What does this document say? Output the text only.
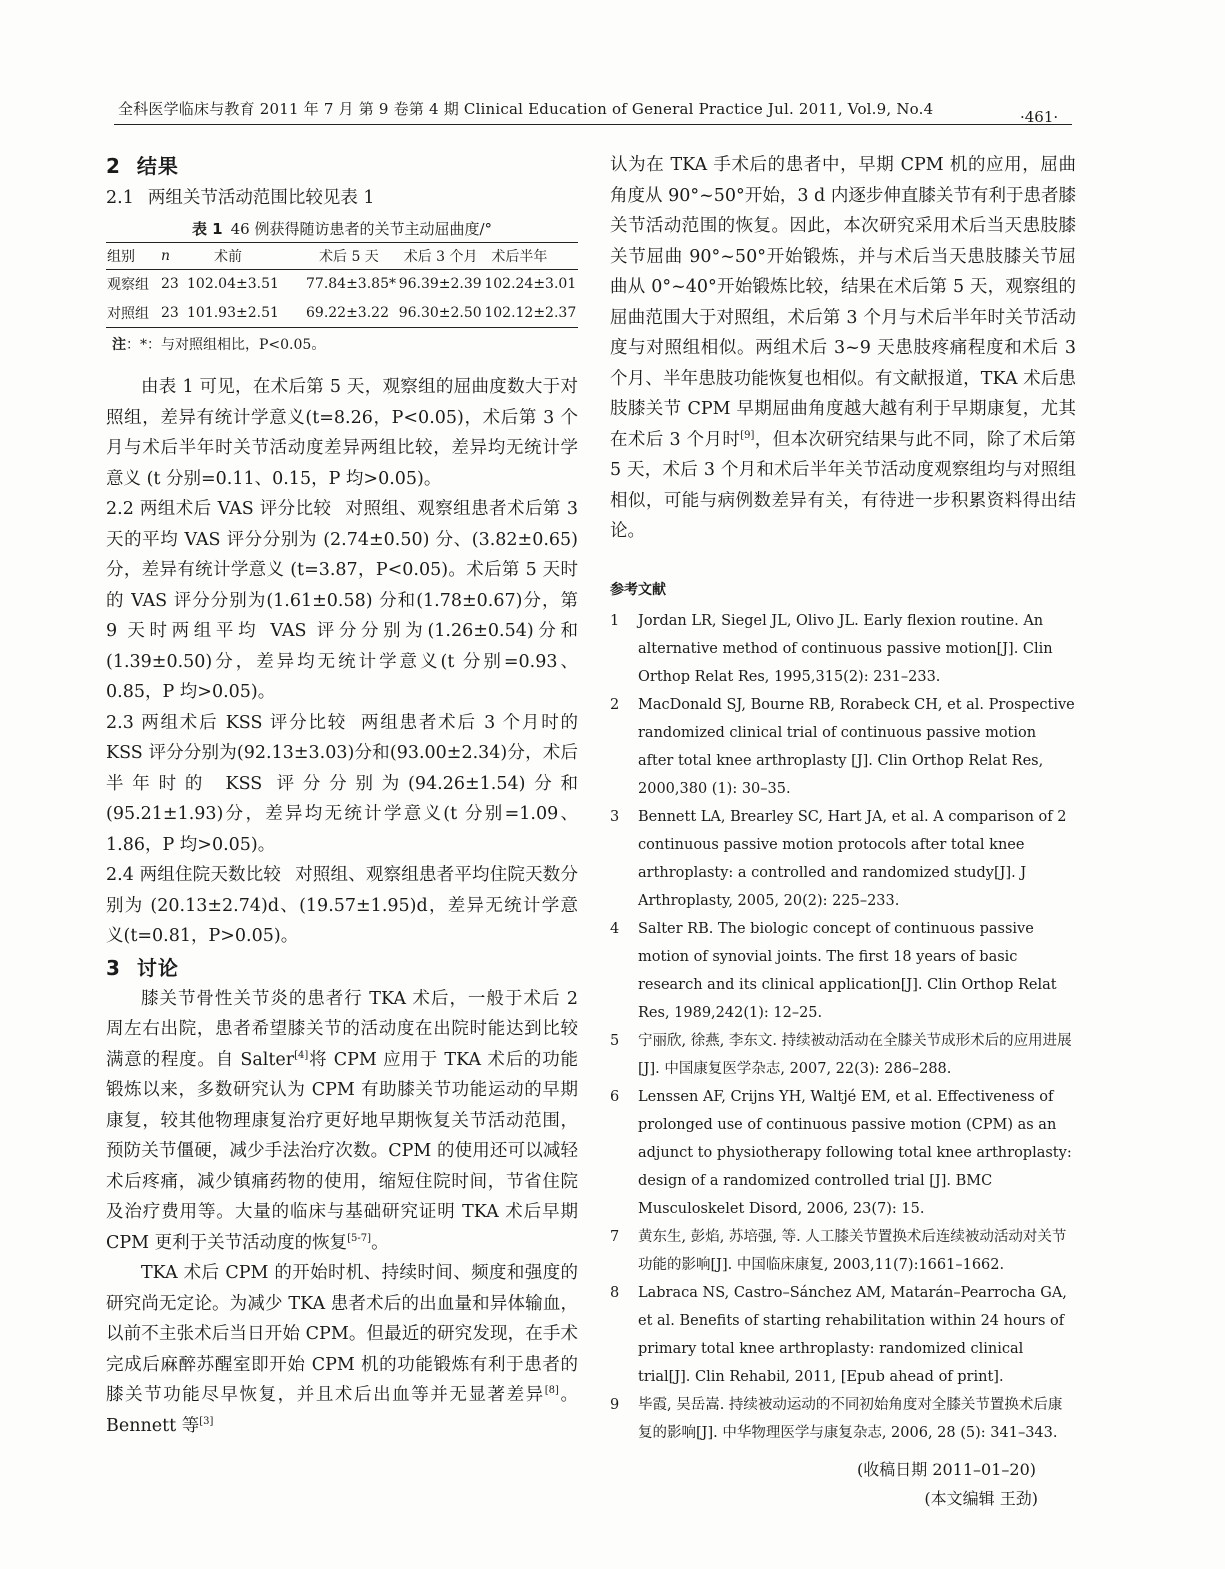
全科医学临床与教育 2011 年 7 月 第 9 卷第 4 期 Clinical Education of General Practice Jul. 2011, Vol.9, No.4	·461·

2 结果

2.1 两组关节活动范围比较见表 1

表 1 46 例获得随访患者的关节主动屈曲度/°

组别	n	术前	术后 5 天	术后 3 个月	术后半年
观察组	23	102.04±3.51	77.84±3.85*	96.39±2.39	102.24±3.01
对照组	23	101.93±2.51	69.22±3.22	96.30±2.50	102.12±2.37

注：*：与对照组相比，P<0.05。

由表 1 可见，在术后第 5 天，观察组的屈曲度数大于对照组，差异有统计学意义(t=8.26，P<0.05)，术后第 3 个月与术后半年时关节活动度差异两组比较，差异均无统计学意义 (t 分别=0.11、0.15，P 均>0.05)。

2.2 两组术后 VAS 评分比较 对照组、观察组患者术后第 3 天的平均 VAS 评分分别为 (2.74±0.50) 分、(3.82±0.65) 分，差异有统计学意义 (t=3.87，P<0.05)。术后第 5 天时的 VAS 评分分别为(1.61±0.58) 分和(1.78±0.67)分，第 9 天时两组平均 VAS 评分分别为(1.26±0.54)分和(1.39±0.50)分，差异均无统计学意义(t 分别=0.93、0.85，P 均>0.05)。

2.3 两组术后 KSS 评分比较 两组患者术后 3 个月时的 KSS 评分分别为(92.13±3.03)分和(93.00±2.34)分，术后半年时的 KSS 评分分别为(94.26±1.54)分和(95.21±1.93)分，差异均无统计学意义(t 分别=1.09、1.86，P 均>0.05)。

2.4 两组住院天数比较 对照组、观察组患者平均住院天数分别为 (20.13±2.74)d、(19.57±1.95)d，差异无统计学意义(t=0.81，P>0.05)。

3 讨论

膝关节骨性关节炎的患者行 TKA 术后，一般于术后 2 周左右出院，患者希望膝关节的活动度在出院时能达到比较满意的程度。自 Salter[4]将 CPM 应用于 TKA 术后的功能锻炼以来，多数研究认为 CPM 有助膝关节功能运动的早期康复，较其他物理康复治疗更好地早期恢复关节活动范围，预防关节僵硬，减少手法治疗次数。CPM 的使用还可以减轻术后疼痛，减少镇痛药物的使用，缩短住院时间，节省住院及治疗费用等。大量的临床与基础研究证明 TKA 术后早期 CPM 更利于关节活动度的恢复[5-7]。

TKA 术后 CPM 的开始时机、持续时间、频度和强度的研究尚无定论。为减少 TKA 患者术后的出血量和异体输血，以前不主张术后当日开始 CPM。但最近的研究发现，在手术完成后麻醉苏醒室即开始 CPM 机的功能锻炼有利于患者的膝关节功能尽早恢复，并且术后出血等并无显著差异[8]。Bennett 等[3]

认为在 TKA 手术后的患者中，早期 CPM 机的应用，屈曲角度从 90°~50°开始，3 d 内逐步伸直膝关节有利于患者膝关节活动范围的恢复。因此，本次研究采用术后当天患肢膝关节屈曲 90°~50°开始锻炼，并与术后当天患肢膝关节屈曲从 0°~40°开始锻炼比较，结果在术后第 5 天，观察组的屈曲范围大于对照组，术后第 3 个月与术后半年时关节活动度与对照组相似。两组术后 3~9 天患肢疼痛程度和术后 3 个月、半年患肢功能恢复也相似。有文献报道，TKA 术后患肢膝关节 CPM 早期屈曲角度越大越有利于早期康复，尤其在术后 3 个月时[9]，但本次研究结果与此不同，除了术后第 5 天，术后 3 个月和术后半年关节活动度观察组均与对照组相似，可能与病例数差异有关，有待进一步积累资料得出结论。

参考文献

1 Jordan LR, Siegel JL, Olivo JL. Early flexion routine. An alternative method of continuous passive motion[J]. Clin Orthop Relat Res, 1995,315(2): 231–233.
2 MacDonald SJ, Bourne RB, Rorabeck CH, et al. Prospective randomized clinical trial of continuous passive motion after total knee arthroplasty [J]. Clin Orthop Relat Res, 2000,380 (1): 30–35.
3 Bennett LA, Brearley SC, Hart JA, et al. A comparison of 2 continuous passive motion protocols after total knee arthroplasty: a controlled and randomized study[J]. J Arthroplasty, 2005, 20(2): 225–233.
4 Salter RB. The biologic concept of continuous passive motion of synovial joints. The first 18 years of basic research and its clinical application[J]. Clin Orthop Relat Res, 1989,242(1): 12–25.
5 宁丽欣, 徐燕, 李东文. 持续被动活动在全膝关节成形术后的应用进展[J]. 中国康复医学杂志, 2007, 22(3): 286–288.
6 Lenssen AF, Crijns YH, Waltjé EM, et al. Effectiveness of prolonged use of continuous passive motion (CPM) as an adjunct to physiotherapy following total knee arthroplasty: design of a randomized controlled trial [J]. BMC Musculoskelet Disord, 2006, 23(7): 15.
7 黄东生, 彭焰, 苏培强, 等. 人工膝关节置换术后连续被动活动对关节功能的影响[J]. 中国临床康复, 2003,11(7):1661–1662.
8 Labraca NS, Castro–Sánchez AM, Matarán–Pearrocha GA, et al. Benefits of starting rehabilitation within 24 hours of primary total knee arthroplasty: randomized clinical trial[J]. Clin Rehabil, 2011, [Epub ahead of print].
9 毕霞, 吴岳嵩. 持续被动运动的不同初始角度对全膝关节置换术后康复的影响[J]. 中华物理医学与康复杂志, 2006, 28 (5): 341–343.
(收稿日期 2011–01–20)
(本文编辑 王劲)
